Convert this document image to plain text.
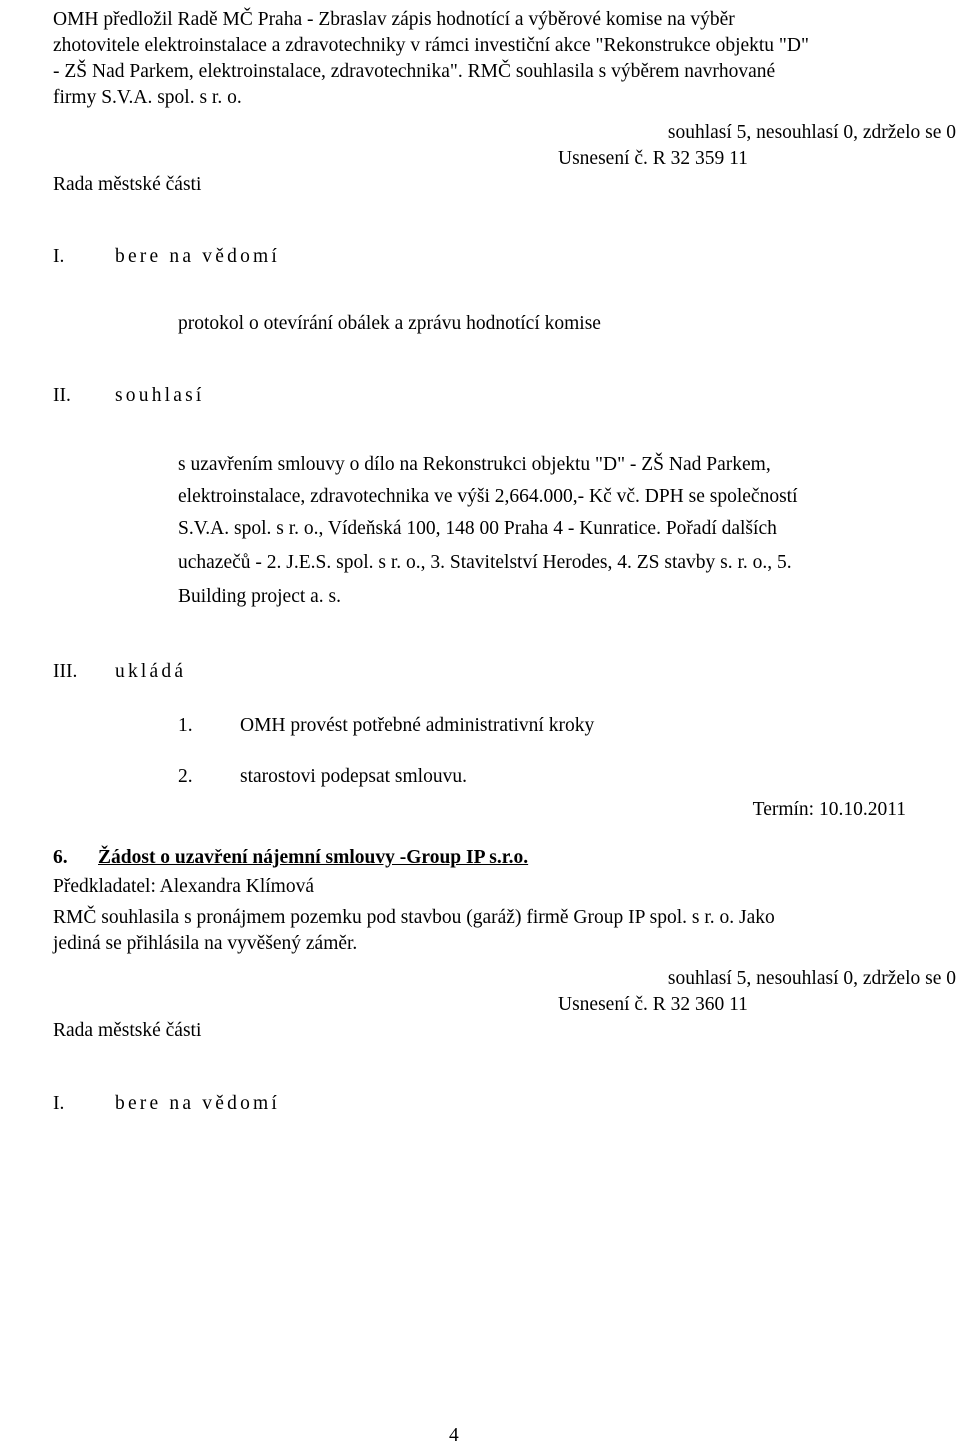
OMH předložil Radě MČ Praha - Zbraslav zápis hodnotící a výběrové komise na výběr
zhotovitele elektroinstalace a zdravotechniky v rámci investiční akce "Rekonstrukce objektu "D"
- ZŠ Nad Parkem, elektroinstalace, zdravotechnika". RMČ souhlasila s výběrem navrhované
firmy S.V.A. spol. s r. o.
souhlasí 5, nesouhlasí 0, zdrželo se 0
Usnesení č. R 32 359 11
Rada městské části
I.	bere na vědomí
protokol o otevírání obálek a zprávu hodnotící komise
II. souhlasí
s uzavřením smlouvy o dílo na Rekonstrukci objektu "D" - ZŠ Nad Parkem,
elektroinstalace, zdravotechnika ve výši 2,664.000,- Kč vč. DPH se společností
S.V.A. spol. s r. o., Vídeňská 100, 148 00 Praha 4 - Kunratice. Pořadí dalších
uchazečů - 2. J.E.S. spol. s r. o., 3. Stavitelství Herodes, 4. ZS stavby s. r. o., 5.
Building project a. s.
III. ukládá
1. OMH provést potřebné administrativní kroky
2. starostovi podepsat smlouvu.
Termín: 10.10.2011
6. Žádost o uzavření nájemní smlouvy -Group IP s.r.o.
Předkladatel: Alexandra Klímová
RMČ souhlasila s pronájmem pozemku pod stavbou (garáž) firmě Group IP spol. s r. o. Jako
jediná se přihlásila na vyvěšený záměr.
souhlasí 5, nesouhlasí 0, zdrželo se 0
Usnesení č. R 32 360 11
Rada městské části
I.	bere na vědomí
4
